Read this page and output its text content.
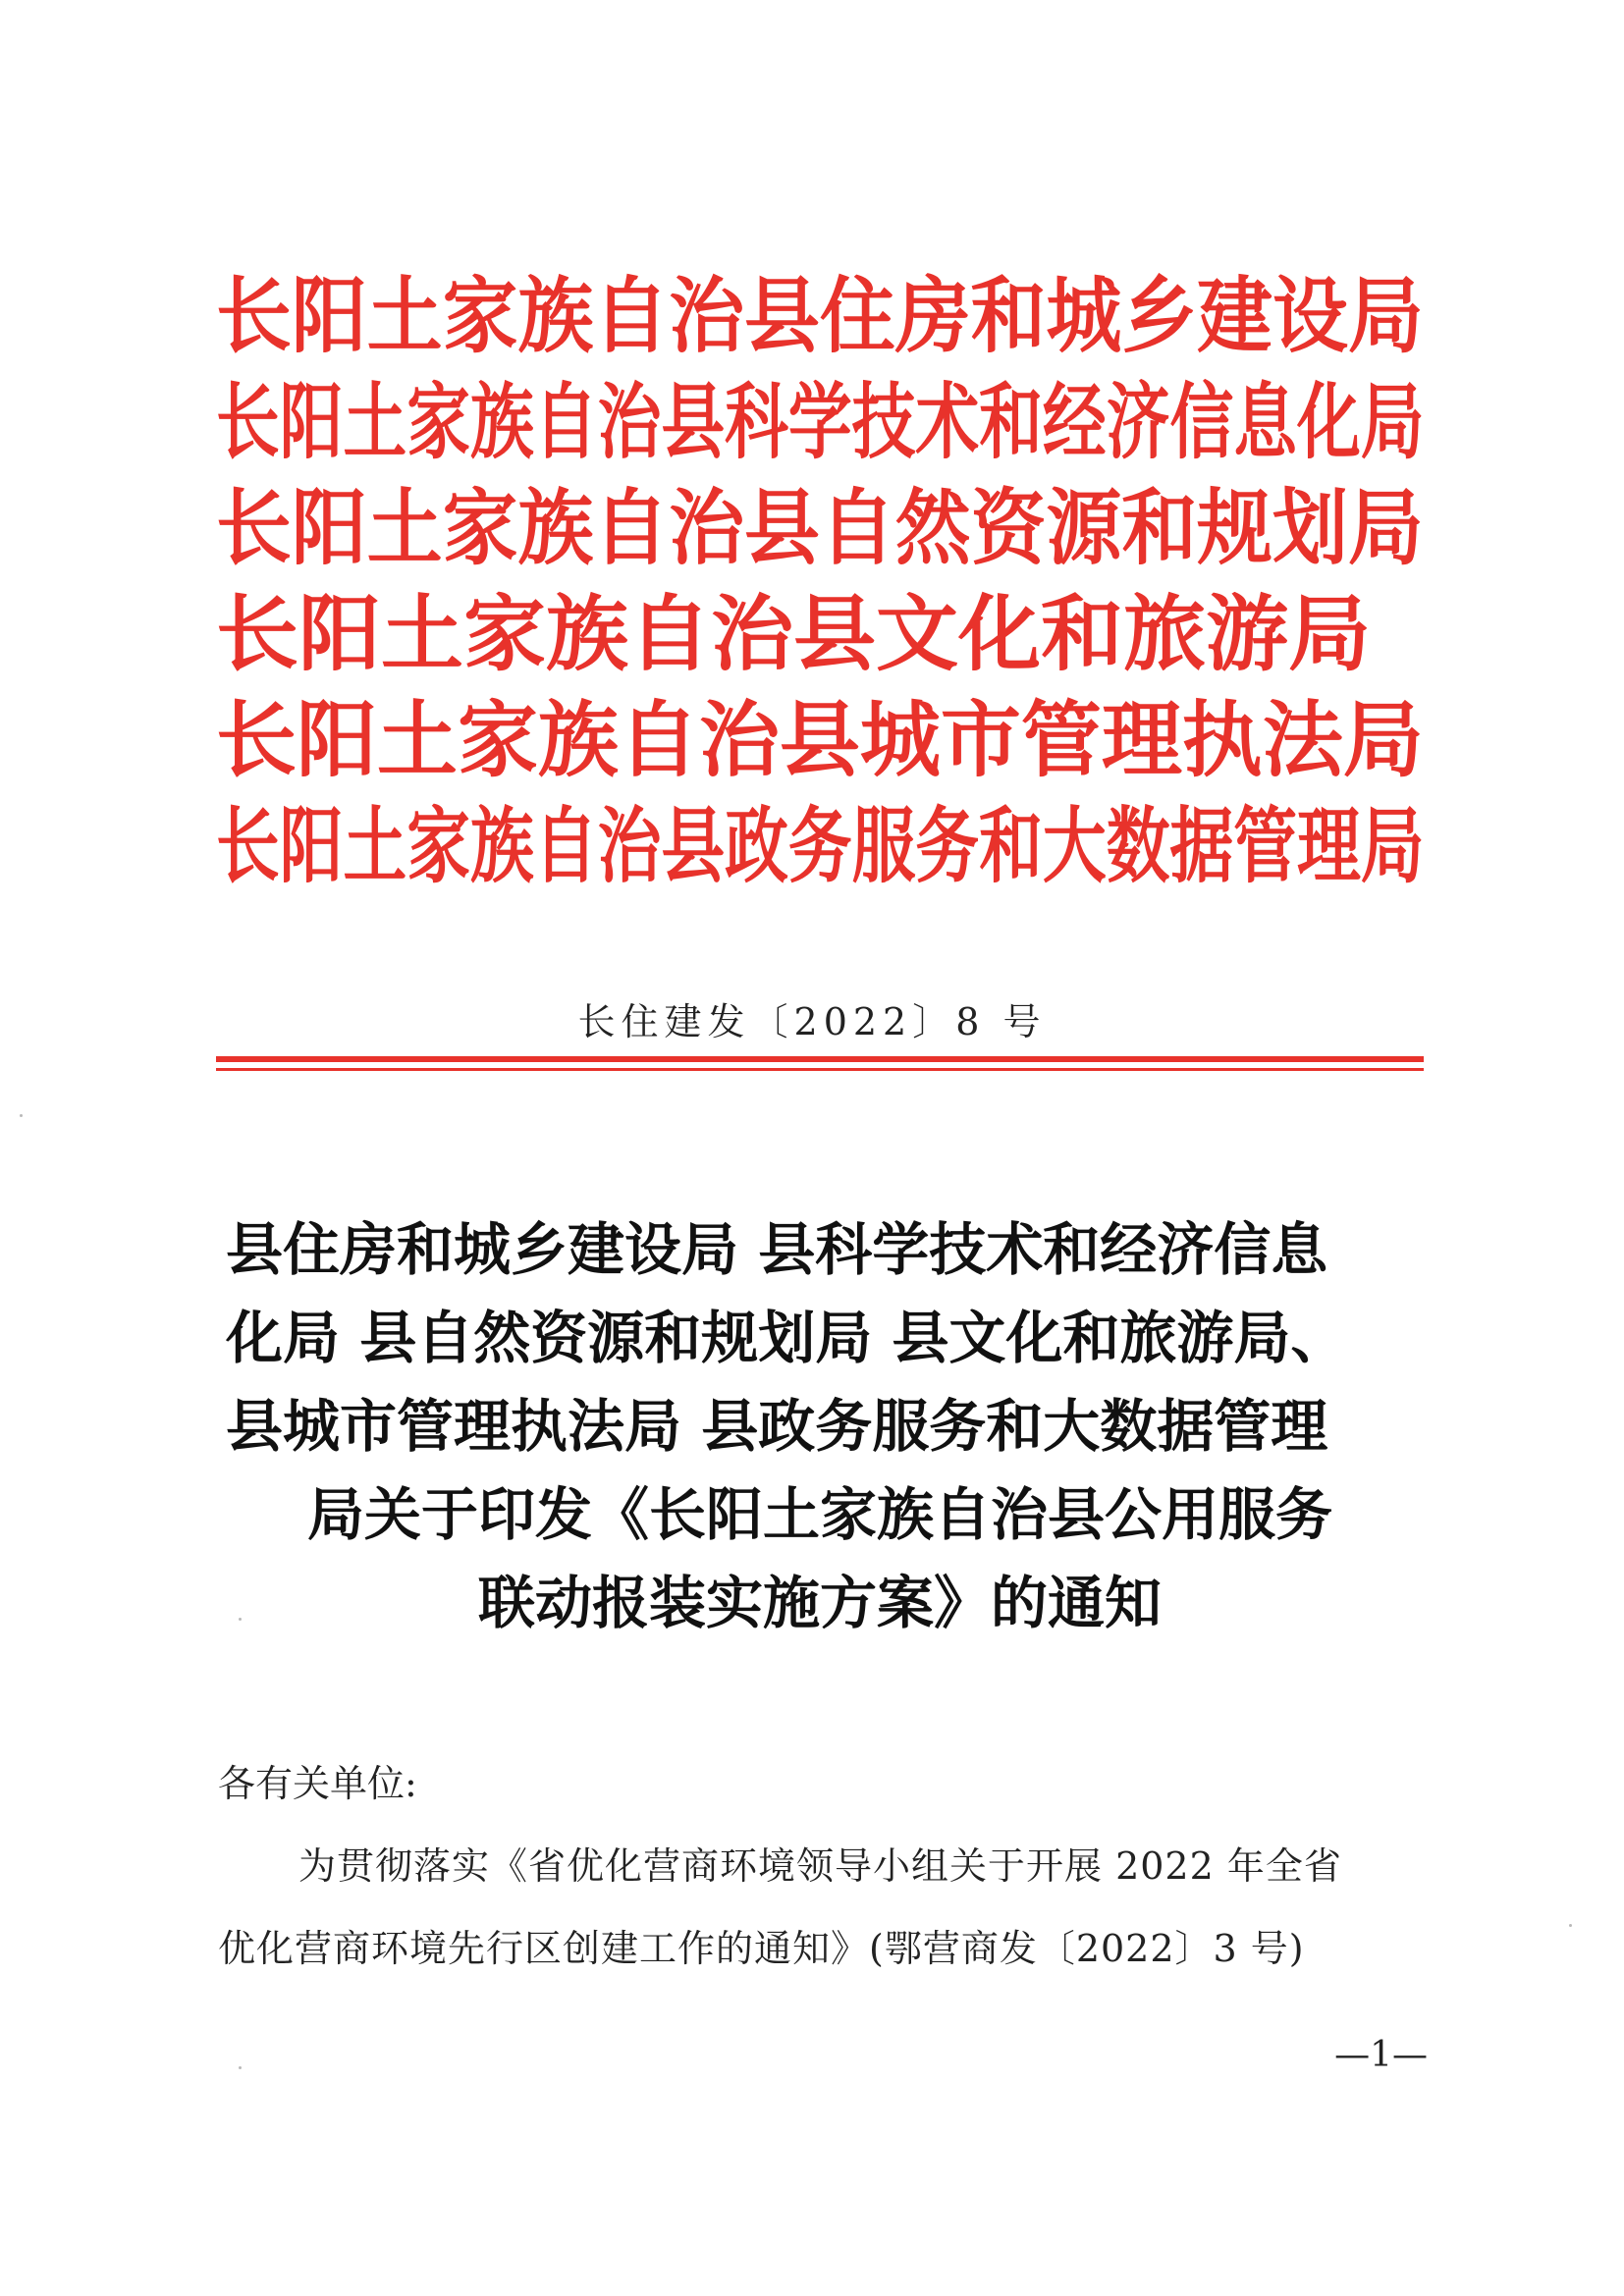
长阳土家族自治县住房和城乡建设局
长阳土家族自治县科学技术和经济信息化局
长阳土家族自治县自然资源和规划局
长阳土家族自治县文化和旅游局
长阳土家族自治县城市管理执法局
长阳土家族自治县政务服务和大数据管理局
长住建发〔2022〕8 号
县住房和城乡建设局 县科学技术和经济信息
化局 县自然资源和规划局 县文化和旅游局、
县城市管理执法局 县政务服务和大数据管理
局关于印发《长阳土家族自治县公用服务
联动报装实施方案》的通知
各有关单位:
为贯彻落实《省优化营商环境领导小组关于开展 2022 年全省
优化营商环境先行区创建工作的通知》(鄂营商发〔2022〕3 号)
—1—
